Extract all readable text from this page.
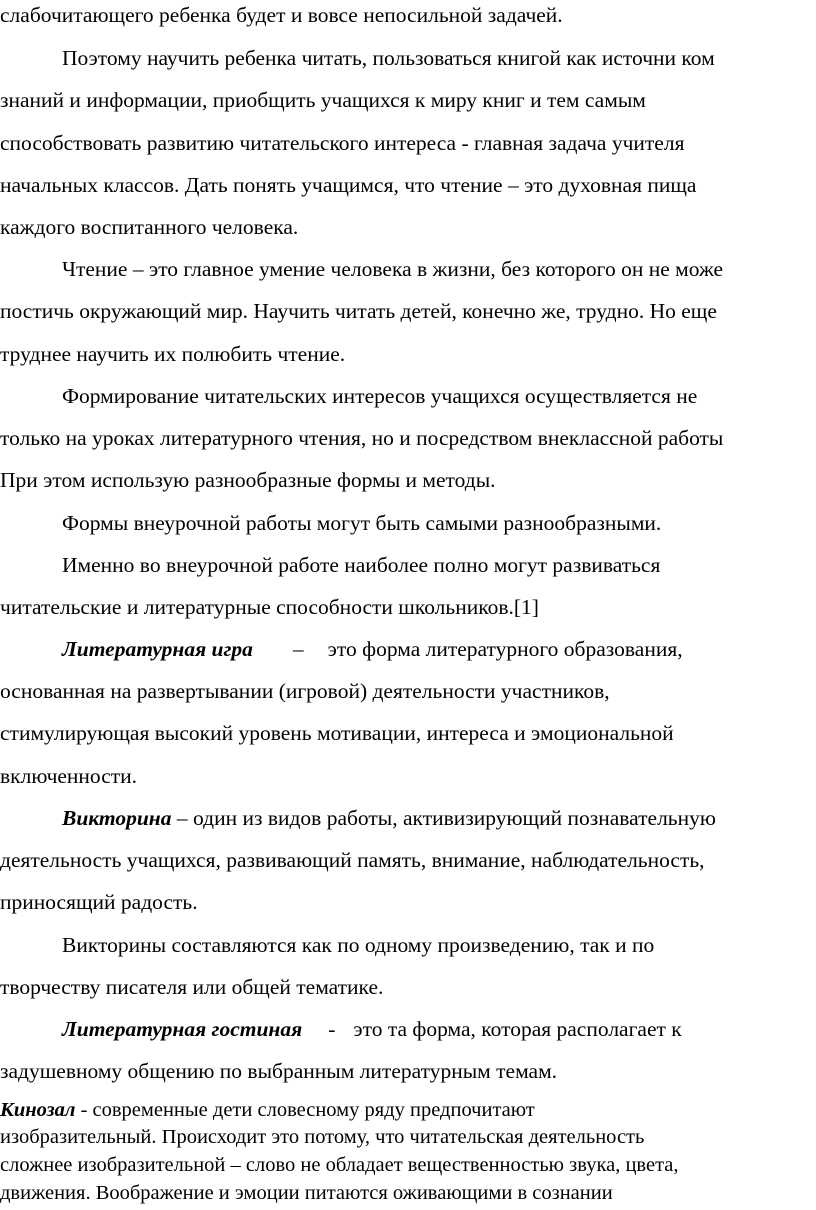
слабочитающего ребенка будет и вовсе непосильной задачей.
Поэтому научить ребенка читать, пользоваться книгой как источни ком
знаний и информации, приобщить учащихся к миру книг и тем самым
способствовать развитию читательского интереса - главная задача учителя
начальных классов. Дать понять учащимся, что чтение – это духовная пища
каждого воспитанного человека.
Чтение – это главное умение человека в жизни, без которого он не може
постичь окружающий мир. Научить читать детей, конечно же, трудно. Но еще
труднее научить их полюбить чтение.
Формирование читательских интересов учащихся осуществляется не
только на уроках литературного чтения, но и посредством внеклассной работы
При этом использую разнообразные формы и методы.
Формы внеурочной работы могут быть самыми разнообразными.
Именно во внеурочной работе наиболее полно могут развиваться
читательские и литературные способности школьников.[1]
Литературная игра – это форма литературного образования,
основанная на развертывании (игровой) деятельности участников,
стимулирующая высокий уровень мотивации, интереса и эмоциональной
включенности.
Викторина – один из видов работы, активизирующий познавательную
деятельность учащихся, развивающий память, внимание, наблюдательность,
приносящий радость.
Викторины составляются как по одному произведению, так и по
творчеству писателя или общей тематике.
Литературная гостиная - это та форма, которая располагает к
задушевному общению по выбранным литературным темам.
Кинозал - современные дети словесному ряду предпочитают
изобразительный. Происходит это потому, что читательская деятельность
сложнее изобразительной – слово не обладает вещественностью звука, цвета,
движения. Воображение и эмоции питаются оживающими в сознании
